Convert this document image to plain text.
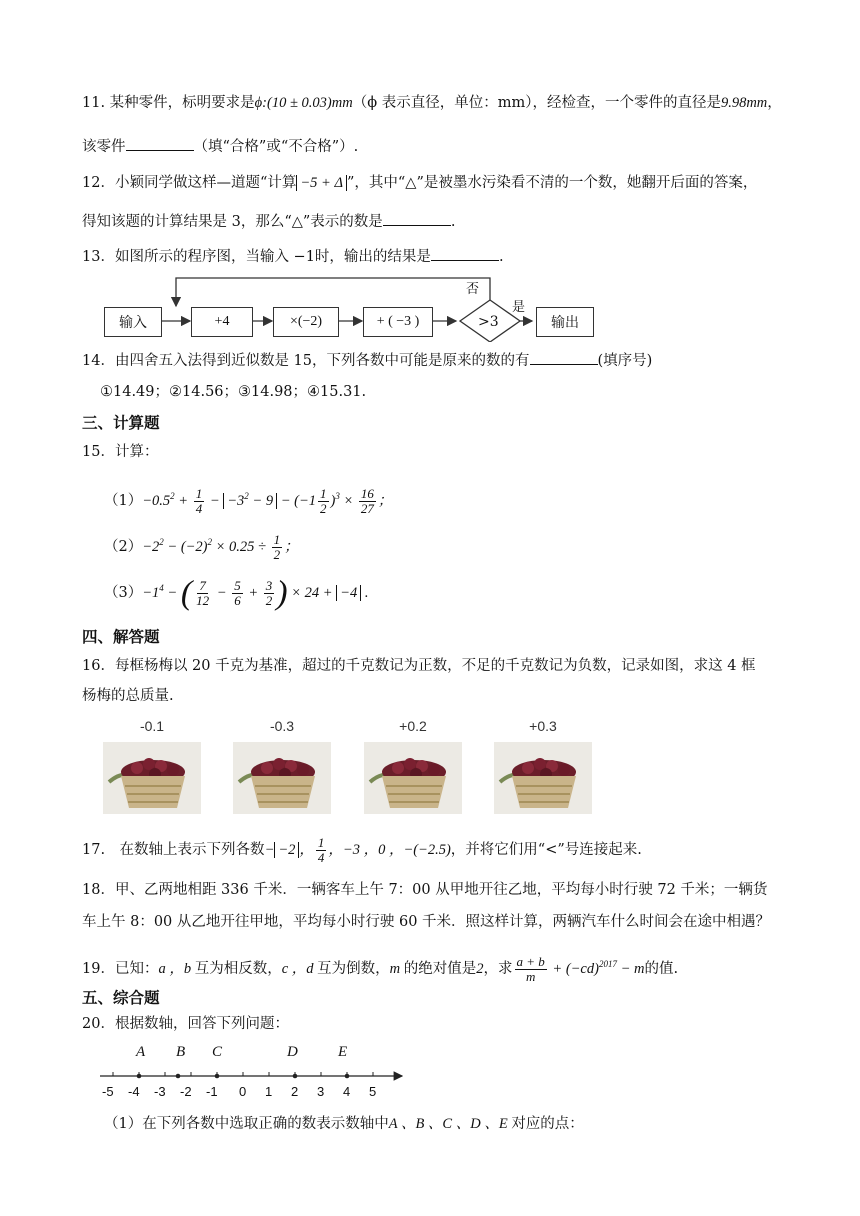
11. 某种零件，标明要求是ϕ:(10 ± 0.03)mm（ϕ 表示直径，单位：mm），经检查，一个零件的直径是9.98mm，
该零件	（填“合格”或“不合格”）.
12．小颖同学做这样—道题“计算 −5 + Δ ”，其中“△”是被墨水污染看不清的一个数，她翻开后面的答案，
得知该题的计算结果是 3，那么“△”表示的数是	.
13．如图所示的程序图，当输入 −1时，输出的结果是	.
输入	+4	×(−2)	+ ( −3 )	>3
否
是
输出
14．由四舍五入法得到近似数是 15，下列各数中可能是原来的数的有	(填序号)
①14.49；②14.56；③14.98；④15.31.
三、计算题
15．计算：
$(1)-0.5^2 + \frac{1}{4} - -3^2 - 9 - (-1 \frac{1}{2} )^3 \times \frac{16}{27}$ ；
$(2)-2^2 - (-2)^2 \times 0.25 \div \frac{1}{2}$ ；
$(3)-1^4$ − ( $\frac{7}{12} - \frac{5}{6} + \frac{3}{2}$ ) × 24 + −4 .
四、解答题
16．每框杨梅以 20 千克为基准，超过的千克数记为正数，不足的千克数记为负数，记录如图，求这 4 框
杨梅的总质量.
-0.1	-0.3	+0.2	+0.3
17.　在数轴上表示下列各数− −2 ， $\frac{1}{4}$ ，−3 ，0 ，−(−2.5)，并将它们用“<”号连接起来.
18．甲、乙两地相距 336 千米．一辆客车上午 7：00 从甲地开往乙地，平均每小时行驶 72 千米；一辆货
车上午 8：00 从乙地开往甲地，平均每小时行驶 60 千米．照这样计算，两辆汽车什么时间会在途中相遇？
19．已知：a ，b 互为相反数，c ，d 互为倒数，m 的绝对值是2，求 $\frac{a + b}{m} + (-cd)^{2017} - m$的值.
五、综合题
20．根据数轴，回答下列问题：
A B C	D	E
-5 -4 -3 -2 -1 0 1 2 3 4 5
（1）在下列各数中选取正确的数表示数轴中A 、B 、C 、D 、E 对应的点：
